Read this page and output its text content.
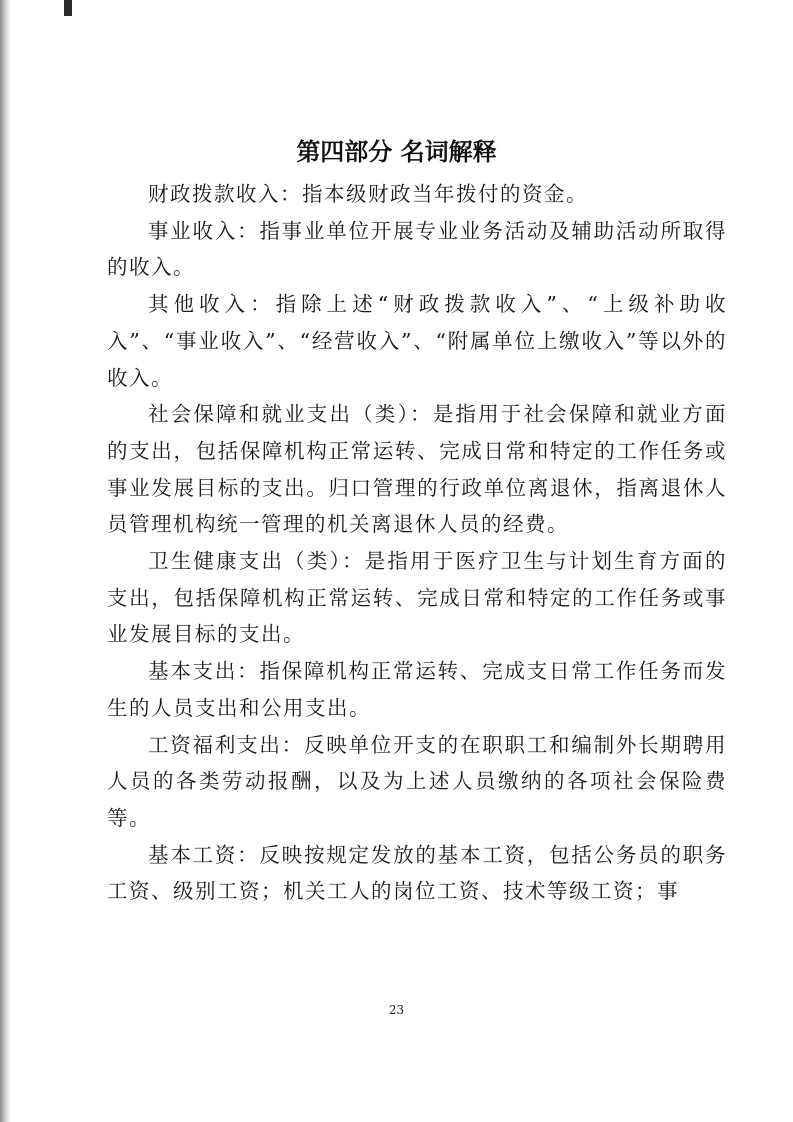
第四部分 名词解释

财政拨款收入：指本级财政当年拨付的资金。

事业收入：指事业单位开展专业业务活动及辅助活动所取得的收入。

其他收入：指除上述“财政拨款收入”、“上级补助收入”、“事业收入”、“经营收入”、“附属单位上缴收入”等以外的收入。

社会保障和就业支出（类）：是指用于社会保障和就业方面的支出，包括保障机构正常运转、完成日常和特定的工作任务或事业发展目标的支出。归口管理的行政单位离退休，指离退休人员管理机构统一管理的机关离退休人员的经费。

卫生健康支出（类）：是指用于医疗卫生与计划生育方面的支出，包括保障机构正常运转、完成日常和特定的工作任务或事业发展目标的支出。

基本支出：指保障机构正常运转、完成支日常工作任务而发生的人员支出和公用支出。

工资福利支出：反映单位开支的在职职工和编制外长期聘用人员的各类劳动报酬，以及为上述人员缴纳的各项社会保险费等。

基本工资：反映按规定发放的基本工资，包括公务员的职务工资、级别工资；机关工人的岗位工资、技术等级工资；事

23
